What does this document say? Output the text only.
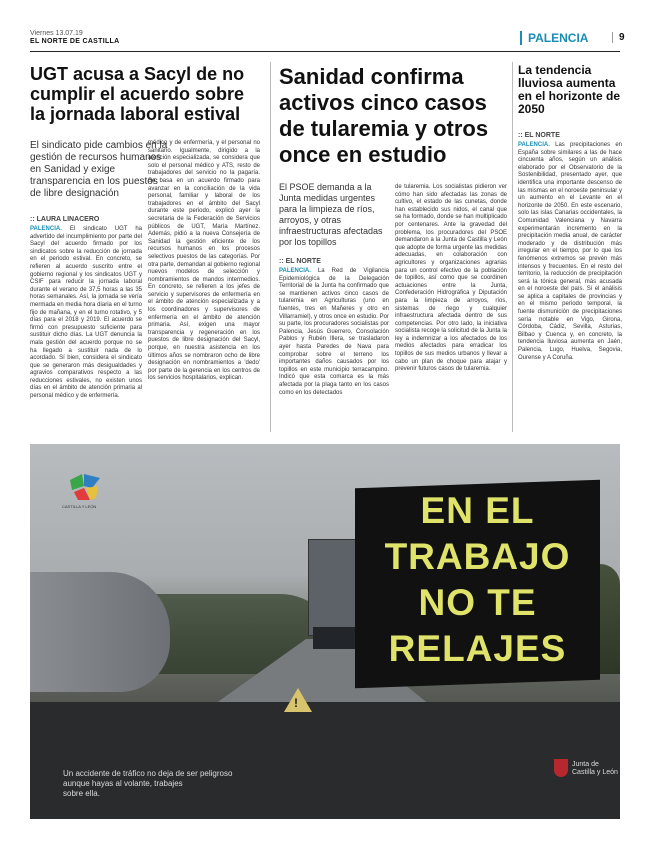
Viernes 13.07.19
EL NORTE DE CASTILLA	PALENCIA	9
UGT acusa a Sacyl de no cumplir el acuerdo sobre la jornada laboral estival
El sindicato pide cambios en la gestión de recursos humanos en Sanidad y exige transparencia en los puestos de libre designación
:: LAURA LINACERO
PALENCIA. El sindicato UGT ha advertido del incumplimiento por parte del Sacyl del acuerdo firmado por los sindicatos sobre la reducción de jornada en el periodo estival. En concreto, se refieren al acuerdo suscrito entre el gobierno regional y los sindicatos UGT y CSIF para reducir la jornada laboral durante el verano de 37,5 horas a las 35 horas semanales. Así, la jornada se vería mermada en media hora diaria en el turno fijo de mañana, y en el turno rotativo, y 5 días para el 2018 y 2019. El acuerdo se firmó con presupuesto suficiente para sustituir dicho días. La UGT denuncia la mala gestión del acuerdo porque no se ha llegado a sustituir nada de lo acordado. Sí bien, considera el sindicato que se generaron más desigualdades y agravios comparativos respecto a las reducciones estivales, no existen unos días en el ámbito de atención primaria al personal médico y de enfermería.
médico y de enfermería, y el personal no sanitario. Igualmente, dirigido a la atención especializada, se considera que solo el personal médico y ATS, resto de trabajadores del servicio no la pagaría. Se basa en un acuerdo firmado para avanzar en la conciliación de la vida personal, familiar y laboral de los trabajadores en el ámbito del Sacyl durante este periodo, explicó ayer la secretaria de la Federación de Servicios públicos de UGT, María Martínez. Además, pidió a la nueva Consejería de Sanidad la gestión eficiente de los recursos humanos en los procesos selectivos puestos de las categorías. Por otra parte, demandan al gobierno regional nuevos modelos de selección y nombramientos de mandos intermedios. En concreto, se refieren a los jefes de servicio y supervisores de enfermería en el ámbito de atención especializada y a los coordinadores y supervisores de enfermería en el ámbito de atención primaria. Así, exigen una mayor transparencia y regeneración en los puestos de libre designación del Sacyl, porque, en nuestra asistencia en los últimos años se nombraron ocho de libre designación en nombramientos a 'dedo' por parte de la gerencia en los centros de los servicios hospitalarios, explican.
Sanidad confirma activos cinco casos de tularemia y otros once en estudio
El PSOE demanda a la Junta medidas urgentes para la limpieza de ríos, arroyos, y otras infraestructuras afectadas por los topillos
:: EL NORTE
PALENCIA. La Red de Vigilancia Epidemiológica de la Delegación Territorial de la Junta ha confirmado que se mantienen activos cinco casos de tularemia en Agriculturas (uno en fuentes, tres en Mañeres y otro en Villarramiel), y otros once en estudio. Por su parte, los procuradores socialistas por Palencia, Jesús Guerrero, Consolación Pablos y Rubén Illera, se trasladaron ayer hasta Paredes de Nava para comprobar sobre el terreno los importantes daños causados por los topillos en este municipio terracampino. Indicó que esta comarca es la más afectada por la plaga tanto en los casos como en los detectados
de tularemia. Los socialistas pidieron ver cómo han sido afectadas las zonas de cultivo, el estado de las cunetas, donde han establecido sus nidos, el canal que se ha formado, donde se han multiplicado por centenares. Ante la gravedad del problema, los procuradores del PSOE demandaron a la Junta de Castilla y León que adopte de forma urgente las medidas adecuadas, en colaboración con agricultores y organizaciones agrarias para un control efectivo de la población de topillos, así como que se coordinen actuaciones entre la Junta, Confederación Hidrográfica y Diputación para la limpieza de arroyos, ríos, sistemas de riego y cualquier infraestructura afectada dentro de sus competencias. Por otro lado, la iniciativa socialista recoge la solicitud de la Junta la ley a indemnizar a los afectados de los medios afectados para erradicar los topillos de sus medios urbanos y llevar a cabo un plan de choque para atajar y prevenir futuros casos de tularemia.
La tendencia lluviosa aumenta en el horizonte de 2050
:: EL NORTE
PALENCIA. Las precipitaciones en España sobre similares a las de hace cincuenta años, según un análisis elaborado por el Observatorio de la Sostenibilidad, presentado ayer, que identifica una importante descenso de las mismas en el noroeste peninsular y un aumento en el Levante en el horizonte de 2050. En este escenario, solo las islas Canarias occidentales, la Comunidad Valenciana y Navarra experimentarán incremento en la precipitación media anual, de carácter moderado y de distribución más irregular en el tiempo, por lo que los fenómenos extremos se prevén más intensos y frecuentes. En el resto del territorio, la reducción de precipitación será la tónica general, más acusada en el noroeste del país. Si el análisis se aplica a capitales de provincias y en el mismo periodo temporal, la fuente dismunición de precipitaciones sería notable en Vigo, Girona, Córdoba, Cádiz, Sevilla, Asturias, Bilbao y Cuenca y, en concreto, la tendencia lluviosa aumenta en Jaén, Palencia, Lugo, Huelva, Segovia, Ourense y A Coruña.
EN EL
TRABAJO
NO TE
RELAJES
!
CASTILLA Y LEÓN
Un accidente de tráfico no deja de ser peligroso
aunque hayas al volante, trabajes
sobre ella.
Junta de
Castilla y León
